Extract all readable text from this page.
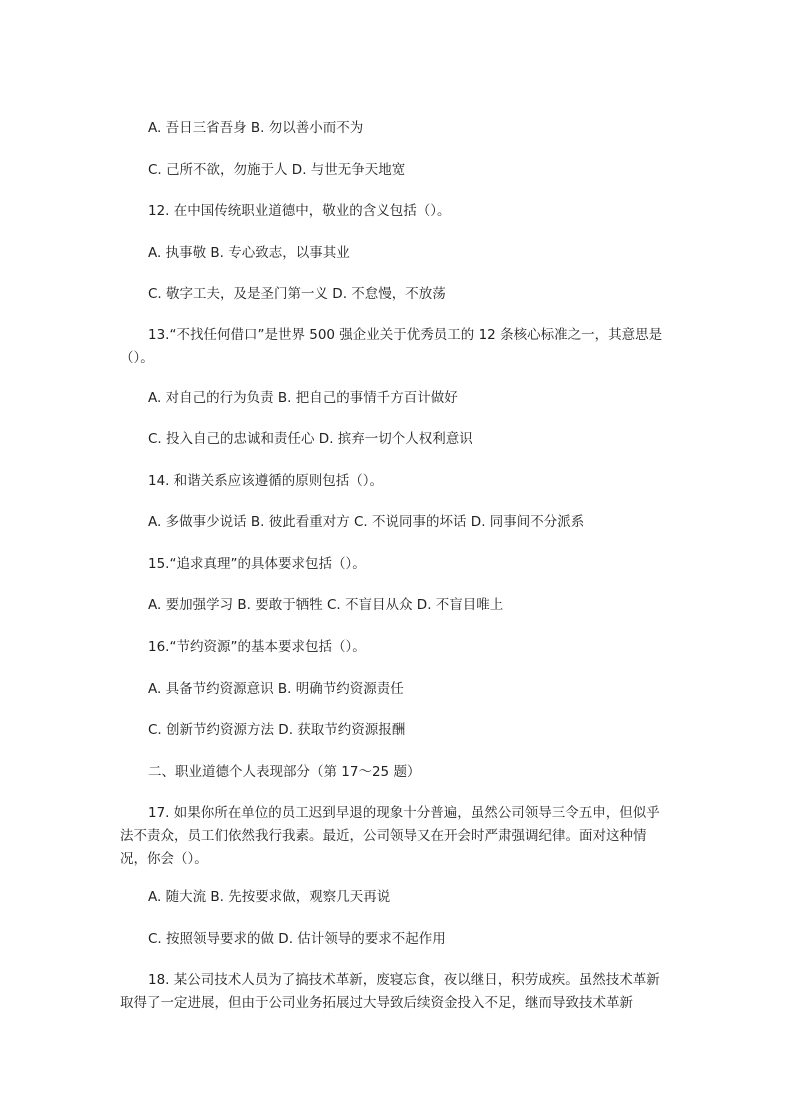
A. 吾日三省吾身 B. 勿以善小而不为
C. 己所不欲，勿施于人 D. 与世无争天地宽
12. 在中国传统职业道德中，敬业的含义包括（）。
A. 执事敬 B. 专心致志，以事其业
C. 敬字工夫，及是圣门第一义 D. 不怠慢，不放荡
13.“不找任何借口”是世界 500 强企业关于优秀员工的 12 条核心标准之一，其意思是（）。
A. 对自己的行为负责 B. 把自己的事情千方百计做好
C. 投入自己的忠诚和责任心 D. 摈弃一切个人权利意识
14. 和谐关系应该遵循的原则包括（）。
A. 多做事少说话 B. 彼此看重对方 C. 不说同事的坏话 D. 同事间不分派系
15.“追求真理”的具体要求包括（）。
A. 要加强学习 B. 要敢于牺牲 C. 不盲目从众 D. 不盲目唯上
16.“节约资源”的基本要求包括（）。
A. 具备节约资源意识 B. 明确节约资源责任
C. 创新节约资源方法 D. 获取节约资源报酬
二、职业道德个人表现部分（第 17～25 题）
17. 如果你所在单位的员工迟到早退的现象十分普遍，虽然公司领导三令五申，但似乎法不责众，员工们依然我行我素。最近，公司领导又在开会时严肃强调纪律。面对这种情况，你会（）。
A. 随大流 B. 先按要求做，观察几天再说
C. 按照领导要求的做 D. 估计领导的要求不起作用
18. 某公司技术人员为了搞技术革新，废寝忘食，夜以继日，积劳成疾。虽然技术革新取得了一定进展，但由于公司业务拓展过大导致后续资金投入不足，继而导致技术革新
